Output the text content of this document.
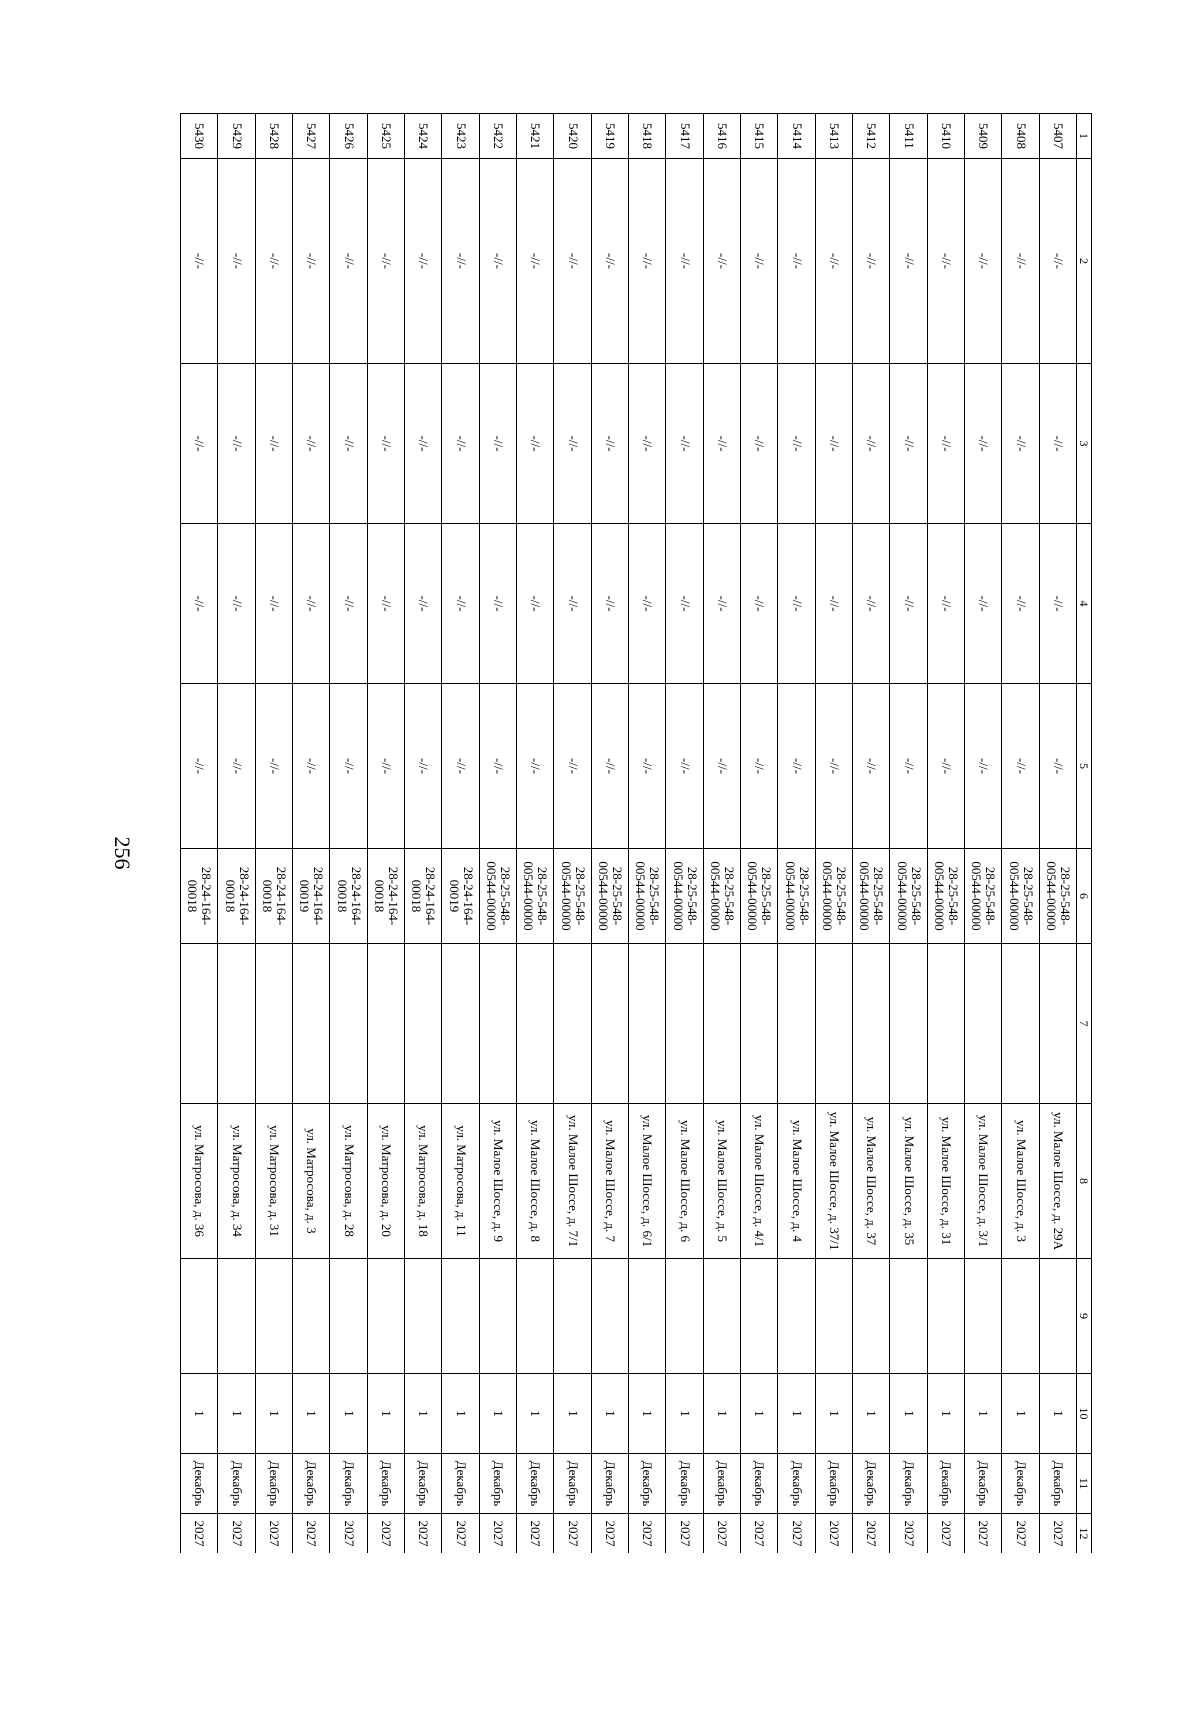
256
1	2	3	4	5	6	7	8	9	10	11	12
5407	-//-	-//-	-//-	-//-	28-25-548-00544-00000		ул. Малое Шоссе, д. 29А		1	Декабрь	2027
5408	-//-	-//-	-//-	-//-	28-25-548-00544-00000		ул. Малое Шоссе, д. 3		1	Декабрь	2027
5409	-//-	-//-	-//-	-//-	28-25-548-00544-00000		ул. Малое Шоссе, д. 3/1		1	Декабрь	2027
5410	-//-	-//-	-//-	-//-	28-25-548-00544-00000		ул. Малое Шоссе, д. 31		1	Декабрь	2027
5411	-//-	-//-	-//-	-//-	28-25-548-00544-00000		ул. Малое Шоссе, д. 35		1	Декабрь	2027
5412	-//-	-//-	-//-	-//-	28-25-548-00544-00000		ул. Малое Шоссе, д. 37		1	Декабрь	2027
5413	-//-	-//-	-//-	-//-	28-25-548-00544-00000		ул. Малое Шоссе, д. 37/1		1	Декабрь	2027
5414	-//-	-//-	-//-	-//-	28-25-548-00544-00000		ул. Малое Шоссе, д. 4		1	Декабрь	2027
5415	-//-	-//-	-//-	-//-	28-25-548-00544-00000		ул. Малое Шоссе, д. 4/1		1	Декабрь	2027
5416	-//-	-//-	-//-	-//-	28-25-548-00544-00000		ул. Малое Шоссе, д. 5		1	Декабрь	2027
5417	-//-	-//-	-//-	-//-	28-25-548-00544-00000		ул. Малое Шоссе, д. 6		1	Декабрь	2027
5418	-//-	-//-	-//-	-//-	28-25-548-00544-00000		ул. Малое Шоссе, д. 6/1		1	Декабрь	2027
5419	-//-	-//-	-//-	-//-	28-25-548-00544-00000		ул. Малое Шоссе, д. 7		1	Декабрь	2027
5420	-//-	-//-	-//-	-//-	28-25-548-00544-00000		ул. Малое Шоссе, д. 7/1		1	Декабрь	2027
5421	-//-	-//-	-//-	-//-	28-25-548-00544-00000		ул. Малое Шоссе, д. 8		1	Декабрь	2027
5422	-//-	-//-	-//-	-//-	28-25-548-00544-00000		ул. Малое Шоссе, д. 9		1	Декабрь	2027
5423	-//-	-//-	-//-	-//-	28-24-164-00019		ул. Матросова, д. 11		1	Декабрь	2027
5424	-//-	-//-	-//-	-//-	28-24-164-00018		ул. Матросова, д. 18		1	Декабрь	2027
5425	-//-	-//-	-//-	-//-	28-24-164-00018		ул. Матросова, д. 20		1	Декабрь	2027
5426	-//-	-//-	-//-	-//-	28-24-164-00018		ул. Матросова, д. 28		1	Декабрь	2027
5427	-//-	-//-	-//-	-//-	28-24-164-00019		ул. Матросова, д. 3		1	Декабрь	2027
5428	-//-	-//-	-//-	-//-	28-24-164-00018		ул. Матросова, д. 31		1	Декабрь	2027
5429	-//-	-//-	-//-	-//-	28-24-164-00018		ул. Матросова, д. 34		1	Декабрь	2027
5430	-//-	-//-	-//-	-//-	28-24-164-00018		ул. Матросова, д. 36		1	Декабрь	2027
